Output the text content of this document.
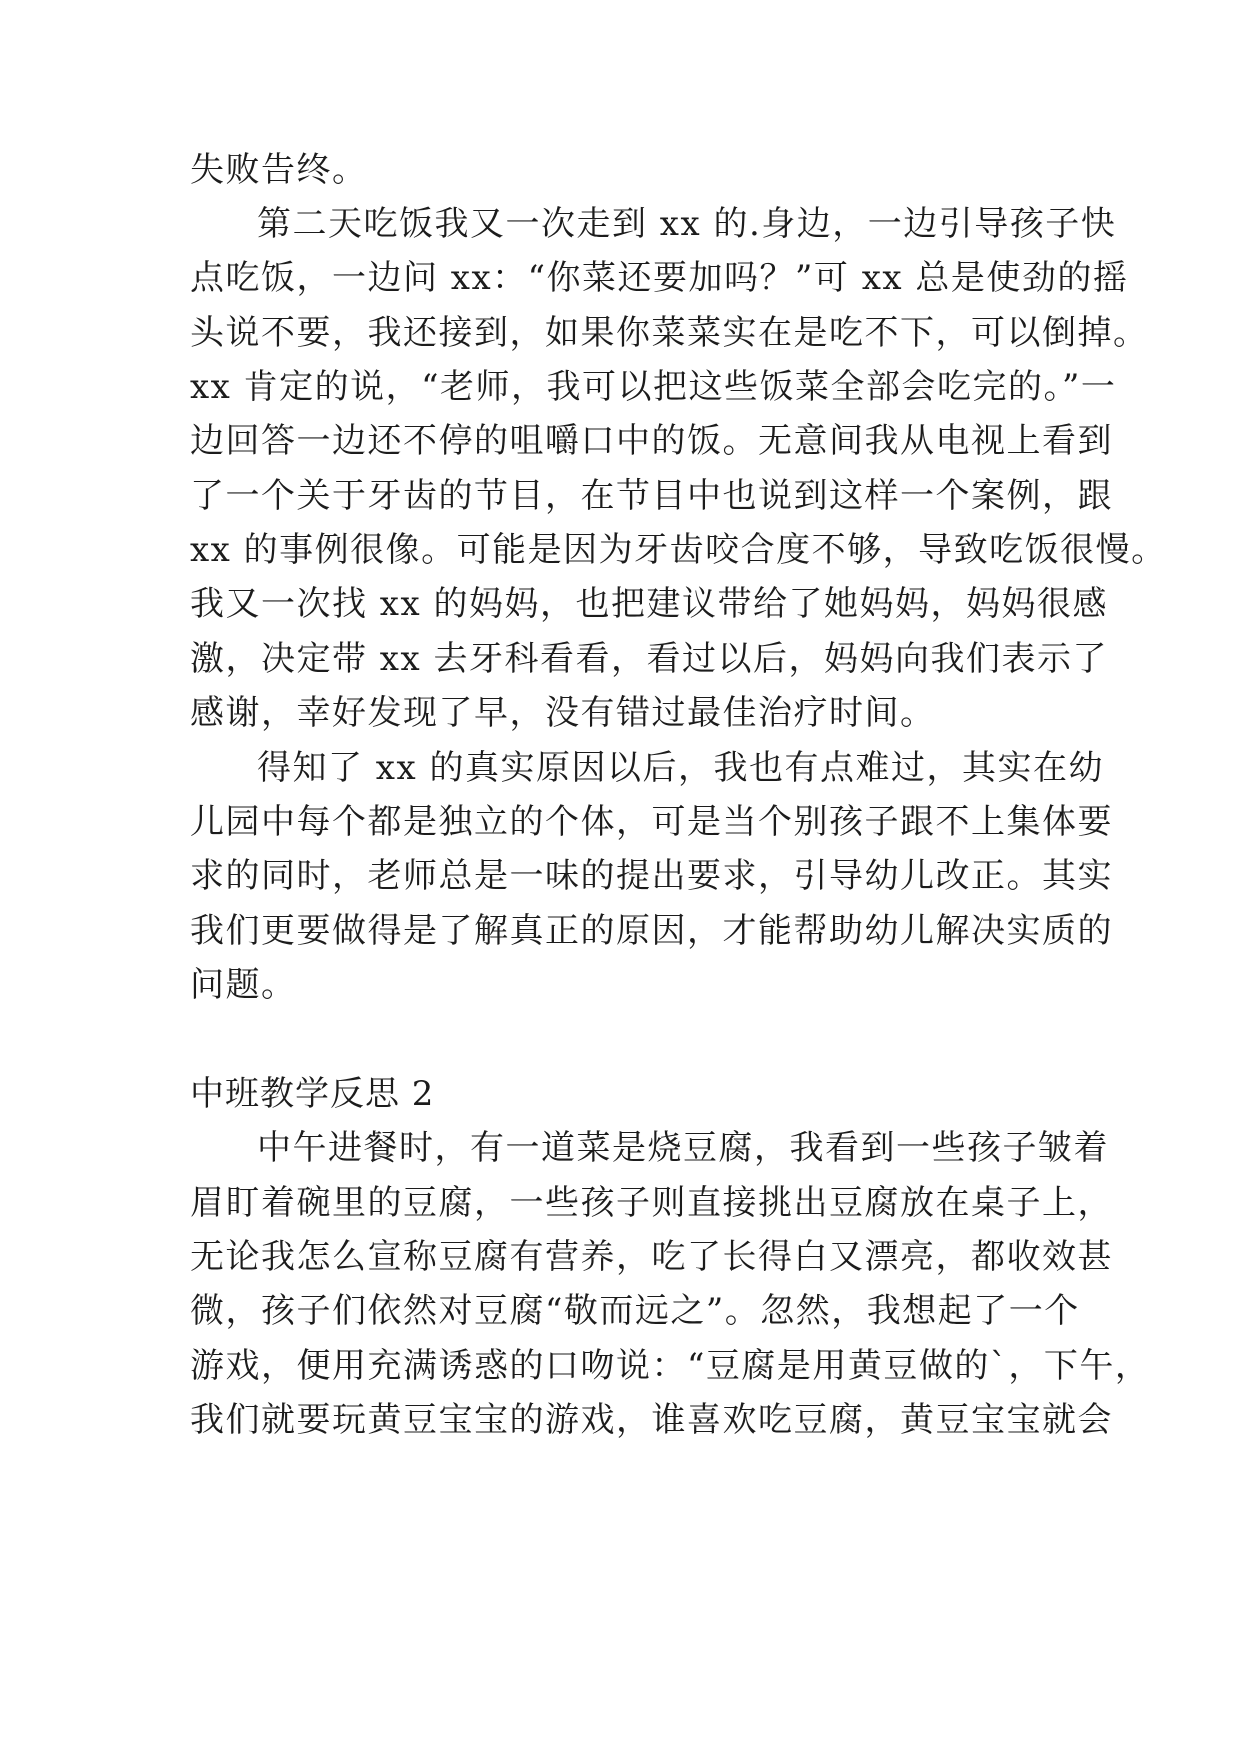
失败告终。
第二天吃饭我又一次走到 xx 的.身边，一边引导孩子快
点吃饭，一边问 xx：“你菜还要加吗？”可 xx 总是使劲的摇
头说不要，我还接到，如果你菜菜实在是吃不下，可以倒掉。
xx 肯定的说，“老师，我可以把这些饭菜全部会吃完的。”一
边回答一边还不停的咀嚼口中的饭。无意间我从电视上看到
了一个关于牙齿的节目，在节目中也说到这样一个案例，跟
xx 的事例很像。可能是因为牙齿咬合度不够，导致吃饭很慢。
我又一次找 xx 的妈妈，也把建议带给了她妈妈，妈妈很感
激，决定带 xx 去牙科看看，看过以后，妈妈向我们表示了
感谢，幸好发现了早，没有错过最佳治疗时间。
得知了 xx 的真实原因以后，我也有点难过，其实在幼
儿园中每个都是独立的个体，可是当个别孩子跟不上集体要
求的同时，老师总是一味的提出要求，引导幼儿改正。其实
我们更要做得是了解真正的原因，才能帮助幼儿解决实质的
问题。
中班教学反思 2
中午进餐时，有一道菜是烧豆腐，我看到一些孩子皱着
眉盯着碗里的豆腐，一些孩子则直接挑出豆腐放在桌子上，
无论我怎么宣称豆腐有营养，吃了长得白又漂亮，都收效甚
微，孩子们依然对豆腐“敬而远之”。忽然，我想起了一个
游戏，便用充满诱惑的口吻说：“豆腐是用黄豆做的`，下午，
我们就要玩黄豆宝宝的游戏，谁喜欢吃豆腐，黄豆宝宝就会
